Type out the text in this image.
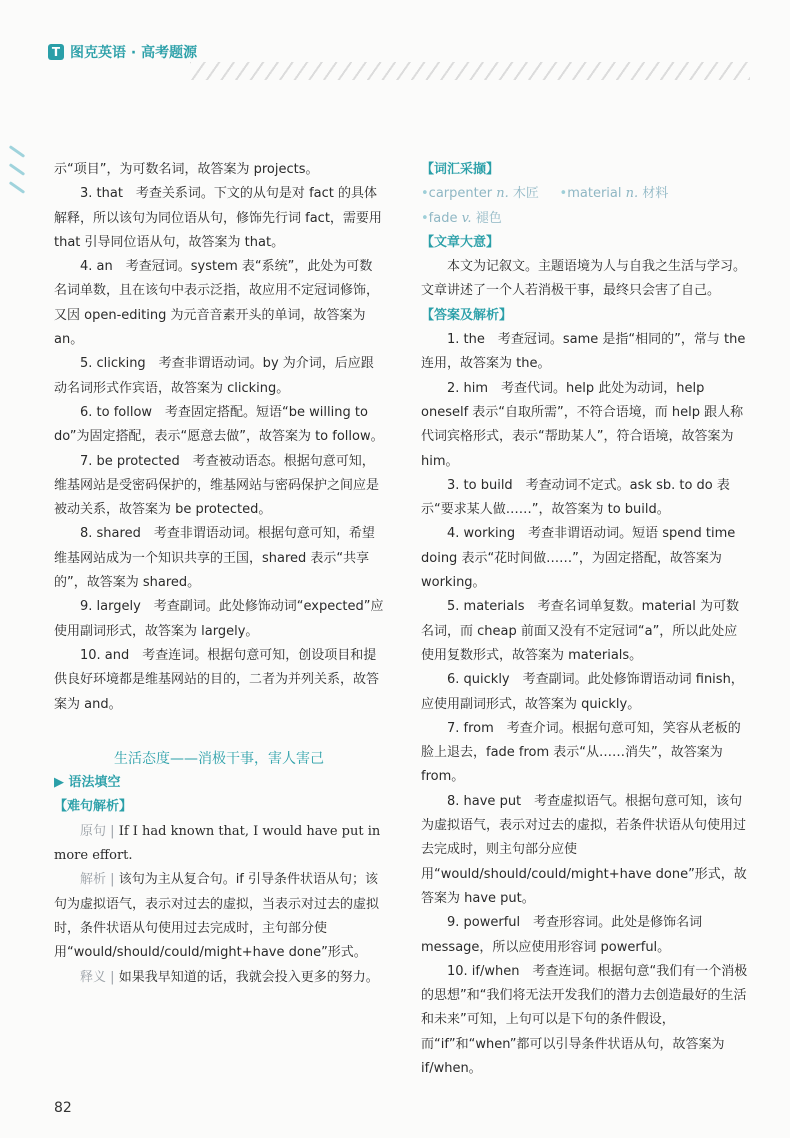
T 图克英语 · 高考题源

示“项目”，为可数名词，故答案为 projects。

3. that　考查关系词。下文的从句是对 fact 的具体解释，所以该句为同位语从句，修饰先行词 fact，需要用 that 引导同位语从句，故答案为 that。

4. an　考查冠词。system 表“系统”，此处为可数名词单数，且在该句中表示泛指，故应用不定冠词修饰，又因 open-editing 为元音音素开头的单词，故答案为 an。

5. clicking　考查非谓语动词。by 为介词，后应跟动名词形式作宾语，故答案为 clicking。

6. to follow　考查固定搭配。短语“be willing to do”为固定搭配，表示“愿意去做”，故答案为 to follow。

7. be protected　考查被动语态。根据句意可知，维基网站是受密码保护的，维基网站与密码保护之间应是被动关系，故答案为 be protected。

8. shared　考查非谓语动词。根据句意可知，希望维基网站成为一个知识共享的王国，shared 表示“共享的”，故答案为 shared。

9. largely　考查副词。此处修饰动词“expected”应使用副词形式，故答案为 largely。

10. and　考查连词。根据句意可知，创设项目和提供良好环境都是维基网站的目的，二者为并列关系，故答案为 and。

生活态度——消极干事，害人害己

▶ 语法填空

【难句解析】

原句 | If I had known that, I would have put in more effort.

解析 | 该句为主从复合句。if 引导条件状语从句；该句为虚拟语气，表示对过去的虚拟，当表示对过去的虚拟时，条件状语从句使用过去完成时，主句部分使用“would/should/could/might+have done”形式。

释义 | 如果我早知道的话，我就会投入更多的努力。

【词汇采撷】

•carpenter n. 木匠 •material n. 材料

•fade v. 褪色

【文章大意】

本文为记叙文。主题语境为人与自我之生活与学习。文章讲述了一个人若消极干事，最终只会害了自己。

【答案及解析】

1. the　考查冠词。same 是指“相同的”，常与 the 连用，故答案为 the。

2. him　考查代词。help 此处为动词，help oneself 表示“自取所需”，不符合语境，而 help 跟人称代词宾格形式，表示“帮助某人”，符合语境，故答案为 him。

3. to build　考查动词不定式。ask sb. to do 表示“要求某人做……”，故答案为 to build。

4. working　考查非谓语动词。短语 spend time doing 表示“花时间做……”，为固定搭配，故答案为 working。

5. materials　考查名词单复数。material 为可数名词，而 cheap 前面又没有不定冠词“a”，所以此处应使用复数形式，故答案为 materials。

6. quickly　考查副词。此处修饰谓语动词 finish，应使用副词形式，故答案为 quickly。

7. from　考查介词。根据句意可知，笑容从老板的脸上退去，fade from 表示“从……消失”，故答案为 from。

8. have put　考查虚拟语气。根据句意可知，该句为虚拟语气，表示对过去的虚拟，若条件状语从句使用过去完成时，则主句部分应使用“would/should/could/might+have done”形式，故答案为 have put。

9. powerful　考查形容词。此处是修饰名词 message，所以应使用形容词 powerful。

10. if/when　考查连词。根据句意“我们有一个消极的思想”和“我们将无法开发我们的潜力去创造最好的生活和未来”可知，上句可以是下句的条件假设，而“if”和“when”都可以引导条件状语从句，故答案为 if/when。

82
